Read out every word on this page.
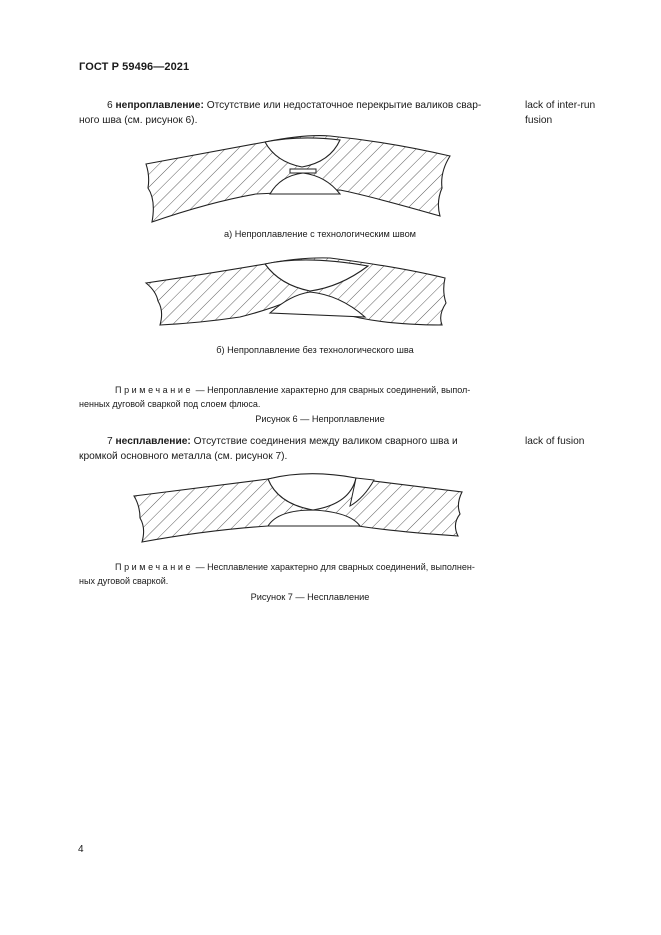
ГОСТ Р 59496—2021
6 непроплавление: Отсутствие или недостаточное перекрытие валиков свар-
ного шва (см. рисунок 6).
lack of inter-run fusion
а) Непроплавление с технологическим швом
б) Непроплавление без технологического шва
Примечание — Непроплавление характерно для сварных соединений, выпол-
ненных дуговой сваркой под слоем флюса.
Рисунок 6 — Непроплавление
7 несплавление: Отсутствие соединения между валиком сварного шва и
кромкой основного металла (см. рисунок 7).
lack of fusion
Примечание — Несплавление характерно для сварных соединений, выполнен-
ных дуговой сваркой.
Рисунок 7 — Несплавление
4
